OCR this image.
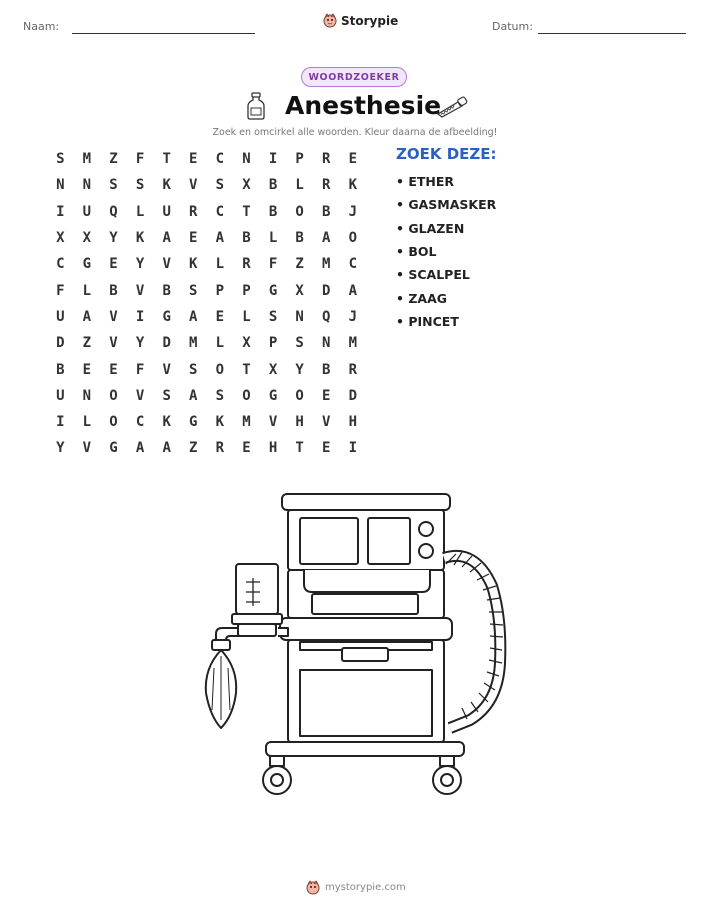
Naam:	Storypie	Datum:
WOORDZOEKER
Anesthesie
Zoek en omcirkel alle woorden. Kleur daarna de afbeelding!
S	M	Z	F	T	E	C	N	I	P	R	E
N	N	S	S	K	V	S	X	B	L	R	K
I	U	Q	L	U	R	C	T	B	O	B	J
X	X	Y	K	A	E	A	B	L	B	A	O
C	G	E	Y	V	K	L	R	F	Z	M	C
F	L	B	V	B	S	P	P	G	X	D	A
U	A	V	I	G	A	E	L	S	N	Q	J
D	Z	V	Y	D	M	L	X	P	S	N	M
B	E	E	F	V	S	O	T	X	Y	B	R
U	N	O	V	S	A	S	O	G	O	E	D
I	L	O	C	K	G	K	M	V	H	V	H
Y	V	G	A	A	Z	R	E	H	T	E	I
ZOEK DEZE:
• ETHER
• GASMASKER
• GLAZEN
• BOL
• SCALPEL
• ZAAG
• PINCET
mystorypie.com
